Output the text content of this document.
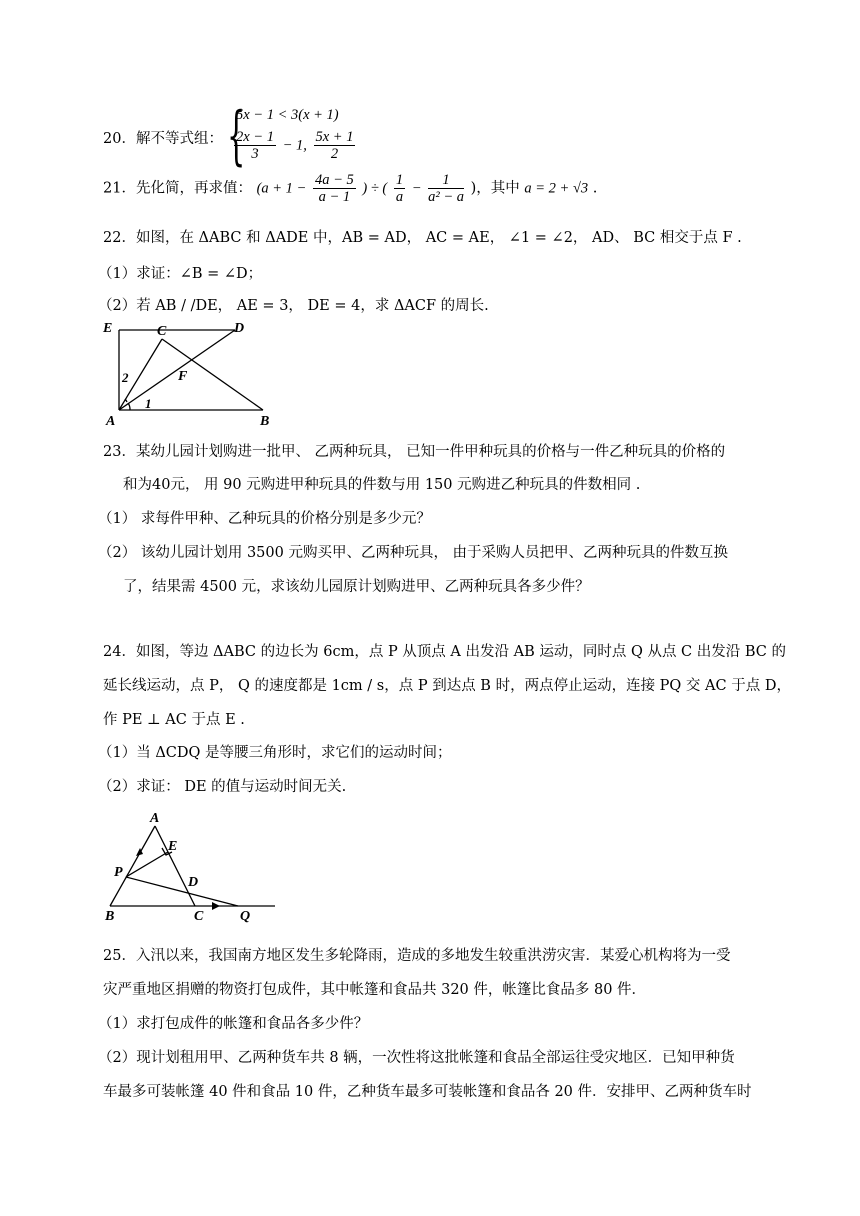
20．解不等式组： {
5x − 1 < 3(x + 1)
$\frac{2x - 1}{3} - 1$, $\frac{5x + 1}{2}$
21．先化简，再求值： ($a + 1 - \frac{4a - 5}{a - 1}$ ) ÷ ( $\frac{1}{a} - \frac{1}{\text{a² − a}}$ )，其中 a = 2 + √3 .
22．如图，在 ΔABC 和 ΔADE 中，AB = AD， AC = AE， ∠1 = ∠2， AD、 BC 相交于点 F .
（1）求证：∠B = ∠D；
（2）若 AB / /DE， AE = 3， DE = 4，求 ΔACF 的周长.
E	C	D
F
A	B
1
2
23．某幼儿园计划购进一批甲、 乙两种玩具， 已知一件甲种玩具的价格与一件乙种玩具的价格的
和为40元， 用 90 元购进甲种玩具的件数与用 150 元购进乙种玩具的件数相同 .
（1） 求每件甲种、乙种玩具的价格分别是多少元？
（2） 该幼儿园计划用 3500 元购买甲、乙两种玩具， 由于采购人员把甲、乙两种玩具的件数互换
了，结果需 4500 元，求该幼儿园原计划购进甲、乙两种玩具各多少件？
24．如图，等边 ΔABC 的边长为 6cm，点 P 从顶点 A 出发沿 AB 运动，同时点 Q 从点 C 出发沿 BC 的
延长线运动，点 P， Q 的速度都是 1cm / s，点 P 到达点 B 时，两点停止运动，连接 PQ 交 AC 于点 D，
作 PE ⊥ AC 于点 E .
（1）当 ΔCDQ 是等腰三角形时，求它们的运动时间；
（2）求证： DE 的值与运动时间无关.
A
E
P
D
B	C	Q
25．入汛以来，我国南方地区发生多轮降雨，造成的多地发生较重洪涝灾害．某爱心机构将为一受
灾严重地区捐赠的物资打包成件，其中帐篷和食品共 320 件，帐篷比食品多 80 件．
（1）求打包成件的帐篷和食品各多少件？
（2）现计划租用甲、乙两种货车共 8 辆，一次性将这批帐篷和食品全部运往受灾地区．已知甲种货
车最多可装帐篷 40 件和食品 10 件，乙种货车最多可装帐篷和食品各 20 件．安排甲、乙两种货车时
